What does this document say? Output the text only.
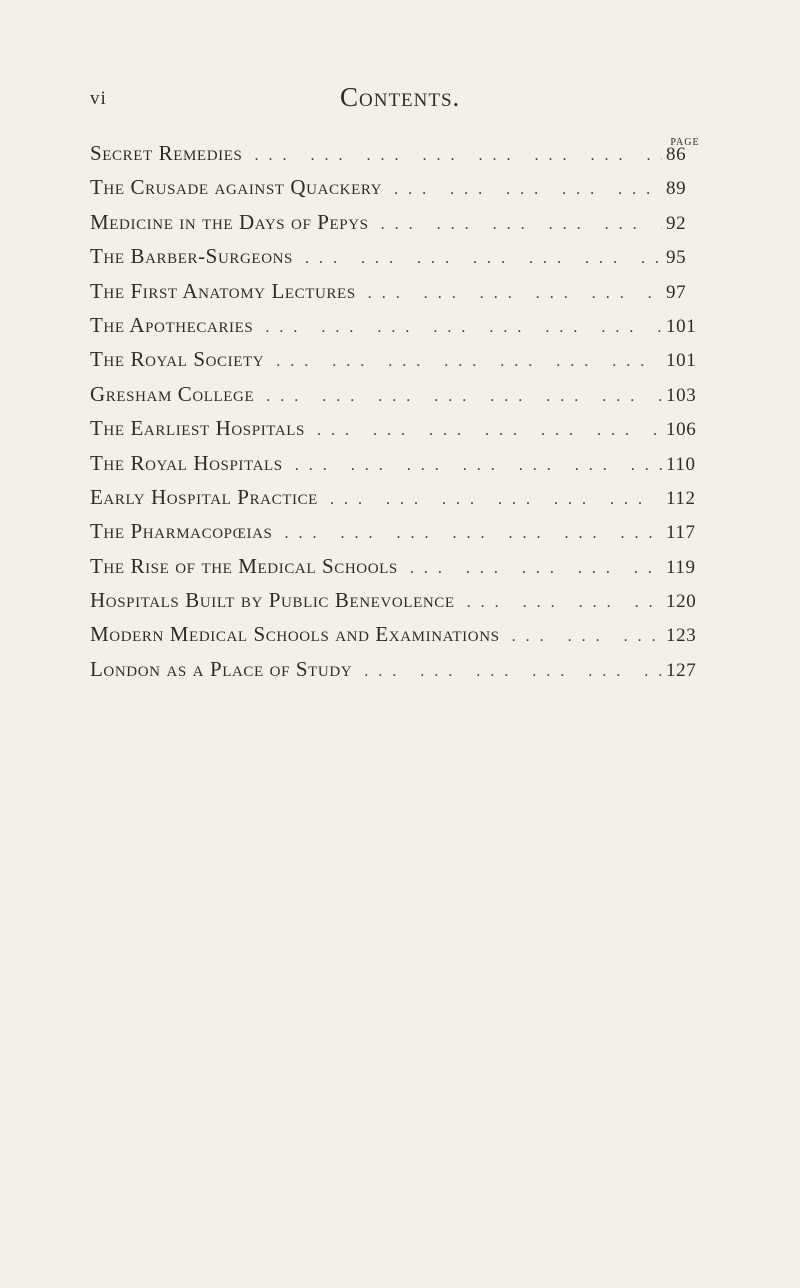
vi	Contents.
PAGE
Secret Remedies ... .	86
The Crusade against Quackery ... .	89
Medicine in the Days of Pepys ... .	92
The Barber-Surgeons ... .	95
The First Anatomy Lectures ... .	97
The Apothecaries ... .	101
The Royal Society ... .	101
Gresham College ... .	103
The Earliest Hospitals ... .	106
The Royal Hospitals ... .	110
Early Hospital Practice ... .	112
The Pharmacopœias ... .	117
The Rise of the Medical Schools ... .	119
Hospitals Built by Public Benevolence ... .	120
Modern Medical Schools and Examinations ... .	123
London as a Place of Study ... .	127
